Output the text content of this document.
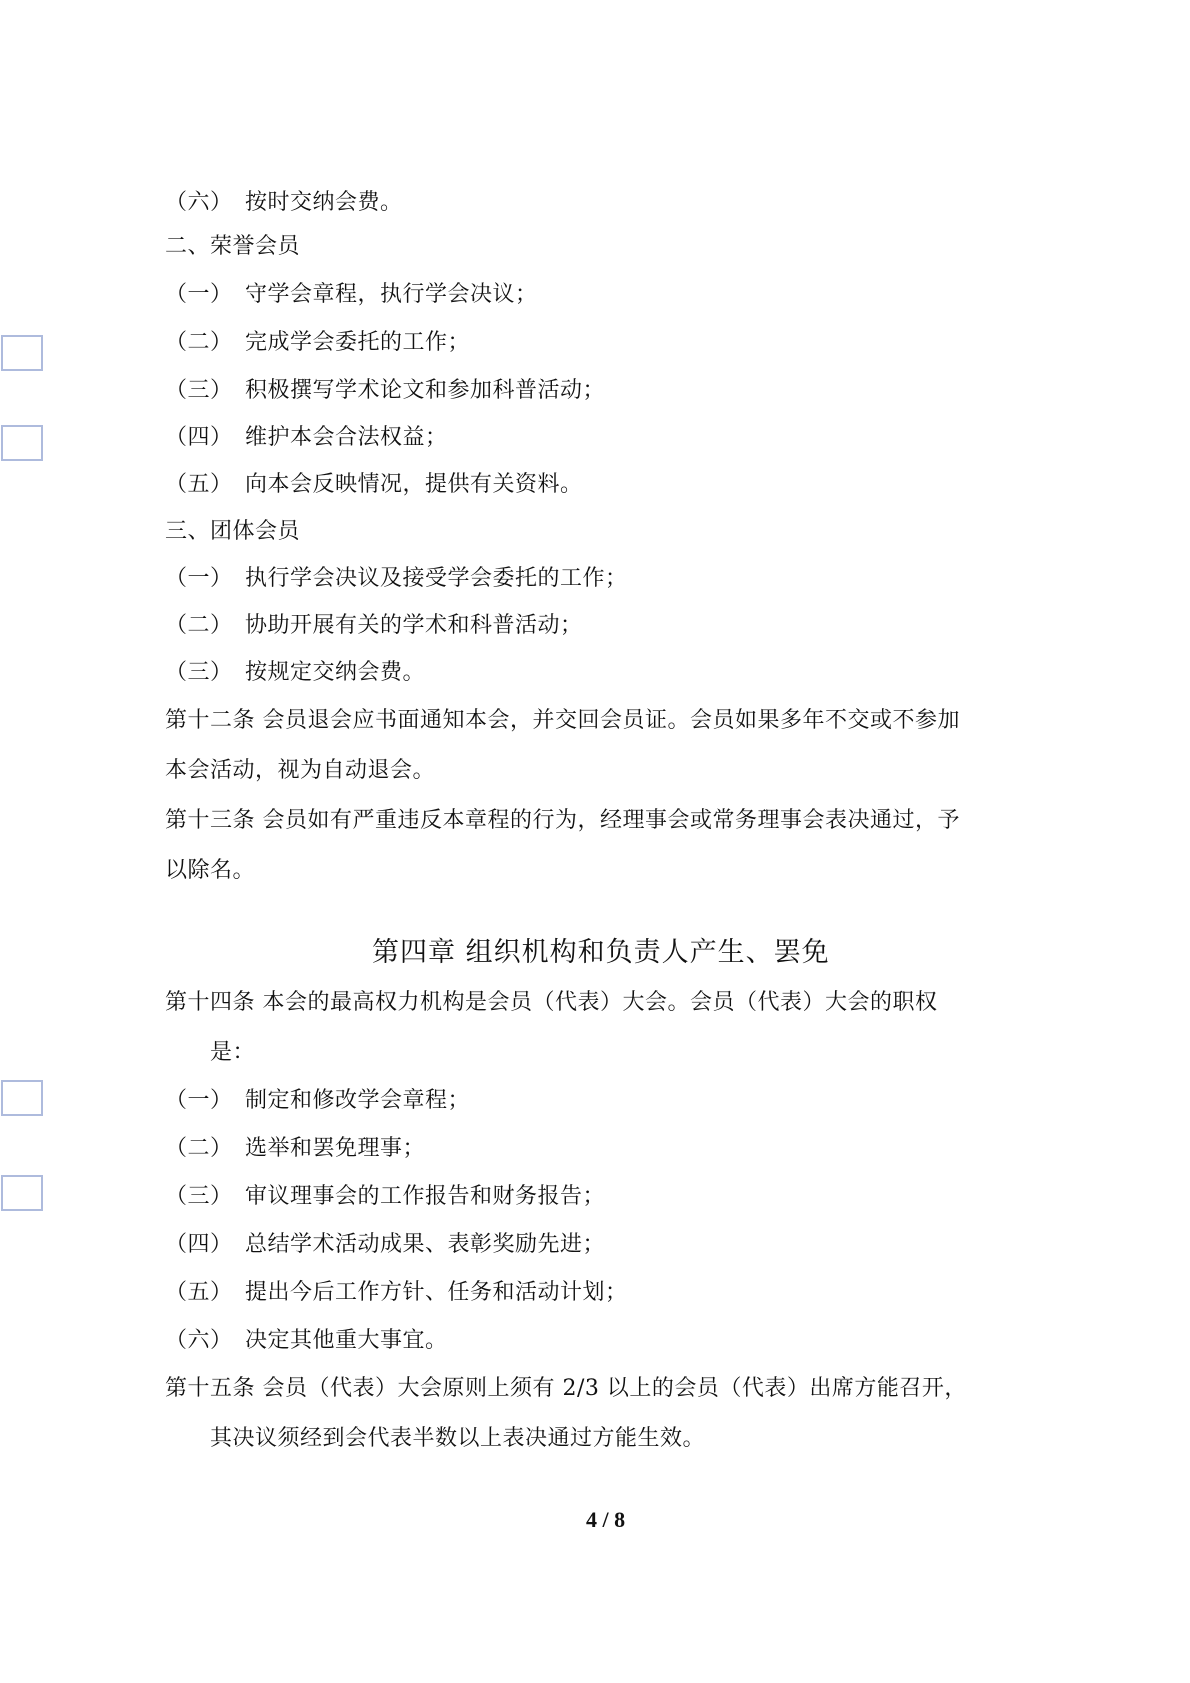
（六） 按时交纳会费。
二、荣誉会员
（一） 守学会章程，执行学会决议；
（二） 完成学会委托的工作；
（三） 积极撰写学术论文和参加科普活动；
（四） 维护本会合法权益；
（五） 向本会反映情况，提供有关资料。
三、团体会员
（一） 执行学会决议及接受学会委托的工作；
（二） 协助开展有关的学术和科普活动；
（三） 按规定交纳会费。
第十二条 会员退会应书面通知本会，并交回会员证。会员如果多年不交或不参加
本会活动，视为自动退会。
第十三条 会员如有严重违反本章程的行为，经理事会或常务理事会表决通过，予
以除名。
第四章 组织机构和负责人产生、罢免
第十四条 本会的最高权力机构是会员（代表）大会。会员（代表）大会的职权
是：
（一） 制定和修改学会章程；
（二） 选举和罢免理事；
（三） 审议理事会的工作报告和财务报告；
（四） 总结学术活动成果、表彰奖励先进；
（五） 提出今后工作方针、任务和活动计划；
（六） 决定其他重大事宜。
第十五条 会员（代表）大会原则上须有 2/3 以上的会员（代表）出席方能召开，
其决议须经到会代表半数以上表决通过方能生效。
4 / 8
